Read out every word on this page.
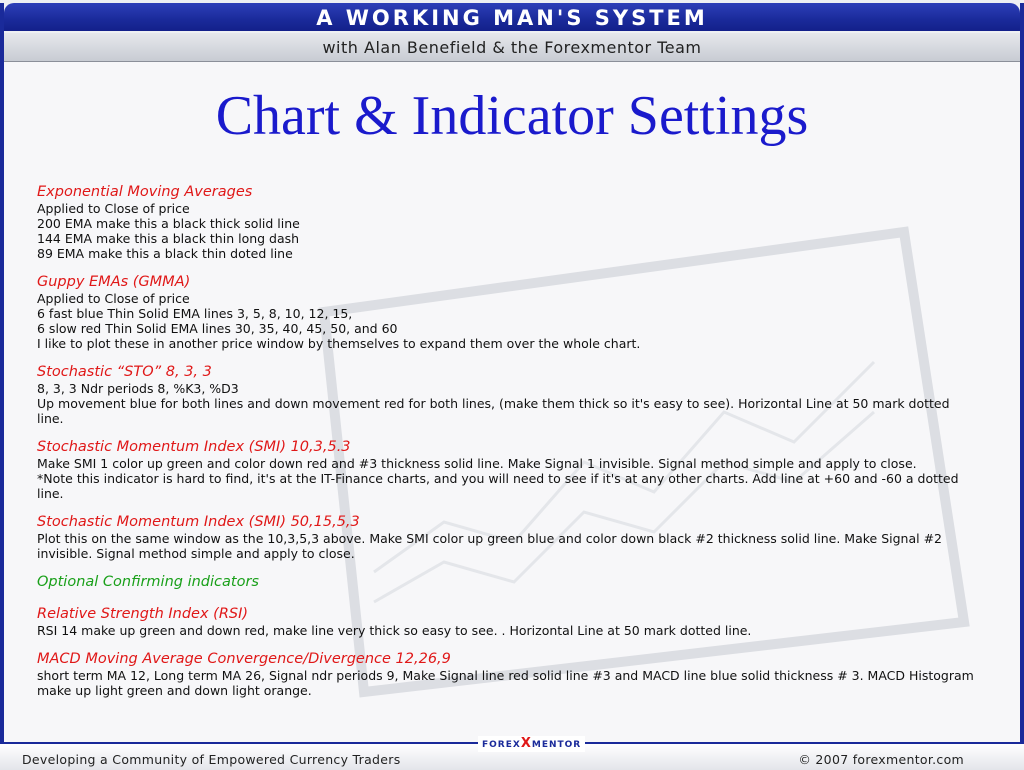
A WORKING MAN'S SYSTEM
with Alan Benefield & the Forexmentor Team
Chart & Indicator Settings
Exponential Moving Averages
Applied to Close of price
200 EMA make this a black thick solid line
144 EMA make this a black thin long dash
89 EMA make this a black thin doted line
Guppy EMAs (GMMA)
Applied to Close of price
6 fast blue Thin Solid EMA lines 3, 5, 8, 10, 12, 15,
6 slow red Thin Solid EMA lines 30, 35, 40, 45, 50, and 60
I like to plot these in another price window by themselves to expand them over the whole chart.
Stochastic “STO” 8, 3, 3
8, 3, 3 Ndr periods 8, %K3, %D3
Up movement blue for both lines and down movement red for both lines, (make them thick so it's easy to see). Horizontal Line at 50 mark dotted line.
Stochastic Momentum Index (SMI) 10,3,5.3
Make SMI 1 color up green and color down red and #3 thickness solid line. Make Signal 1 invisible. Signal method simple and apply to close.
*Note this indicator is hard to find, it's at the IT-Finance charts, and you will need to see if it's at any other charts. Add line at +60 and -60 a dotted line.
Stochastic Momentum Index (SMI) 50,15,5,3
Plot this on the same window as the 10,3,5,3 above. Make SMI color up green blue and color down black #2 thickness solid line. Make Signal #2 invisible. Signal method simple and apply to close.
Optional Confirming indicators
Relative Strength Index (RSI)
RSI 14 make up green and down red, make line very thick so easy to see. . Horizontal Line at 50 mark dotted line.
MACD Moving Average Convergence/Divergence 12,26,9
short term MA 12, Long term MA 26, Signal ndr periods 9, Make Signal line red solid line #3 and MACD line blue solid thickness # 3. MACD Histogram make up light green and down light orange.
FOREXXMENTOR
Developing a Community of Empowered Currency Traders	© 2007 forexmentor.com
